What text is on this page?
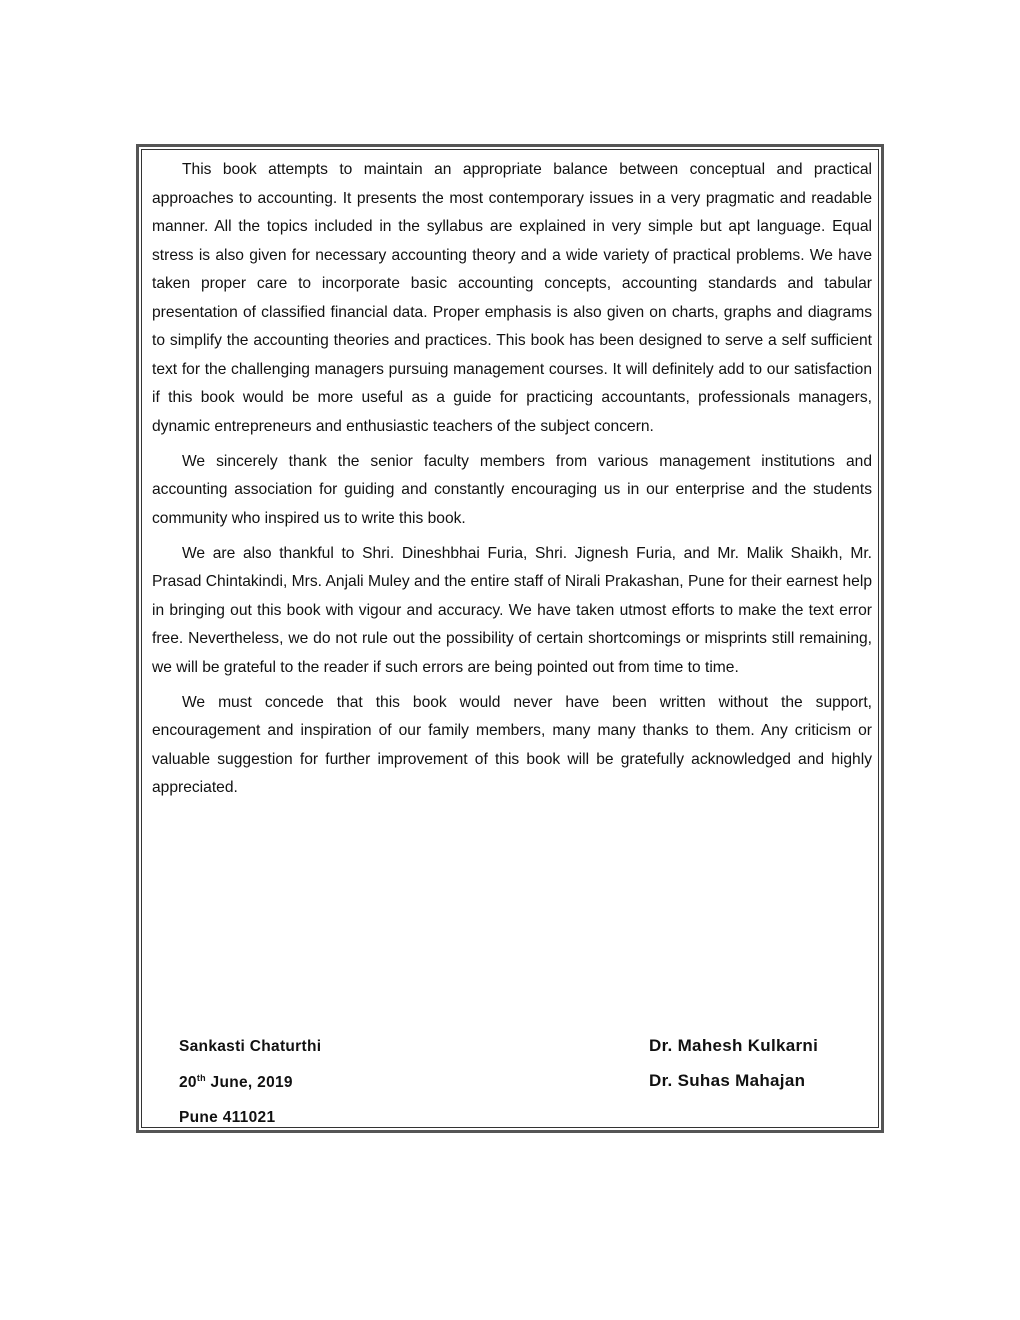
This book attempts to maintain an appropriate balance between conceptual and practical approaches to accounting. It presents the most contemporary issues in a very pragmatic and readable manner. All the topics included in the syllabus are explained in very simple but apt language. Equal stress is also given for necessary accounting theory and a wide variety of practical problems. We have taken proper care to incorporate basic accounting concepts, accounting standards and tabular presentation of classified financial data. Proper emphasis is also given on charts, graphs and diagrams to simplify the accounting theories and practices. This book has been designed to serve a self sufficient text for the challenging managers pursuing management courses. It will definitely add to our satisfaction if this book would be more useful as a guide for practicing accountants, professionals managers, dynamic entrepreneurs and enthusiastic teachers of the subject concern.

We sincerely thank the senior faculty members from various management institutions and accounting association for guiding and constantly encouraging us in our enterprise and the students community who inspired us to write this book.

We are also thankful to Shri. Dineshbhai Furia, Shri. Jignesh Furia, and Mr. Malik Shaikh, Mr. Prasad Chintakindi, Mrs. Anjali Muley and the entire staff of Nirali Prakashan, Pune for their earnest help in bringing out this book with vigour and accuracy. We have taken utmost efforts to make the text error free. Nevertheless, we do not rule out the possibility of certain shortcomings or misprints still remaining, we will be grateful to the reader if such errors are being pointed out from time to time.

We must concede that this book would never have been written without the support, encouragement and inspiration of our family members, many many thanks to them. Any criticism or valuable suggestion for further improvement of this book will be gratefully acknowledged and highly appreciated.

Sankasti Chaturthi
20th June, 2019
Pune 411021
Dr. Mahesh Kulkarni
Dr. Suhas Mahajan
